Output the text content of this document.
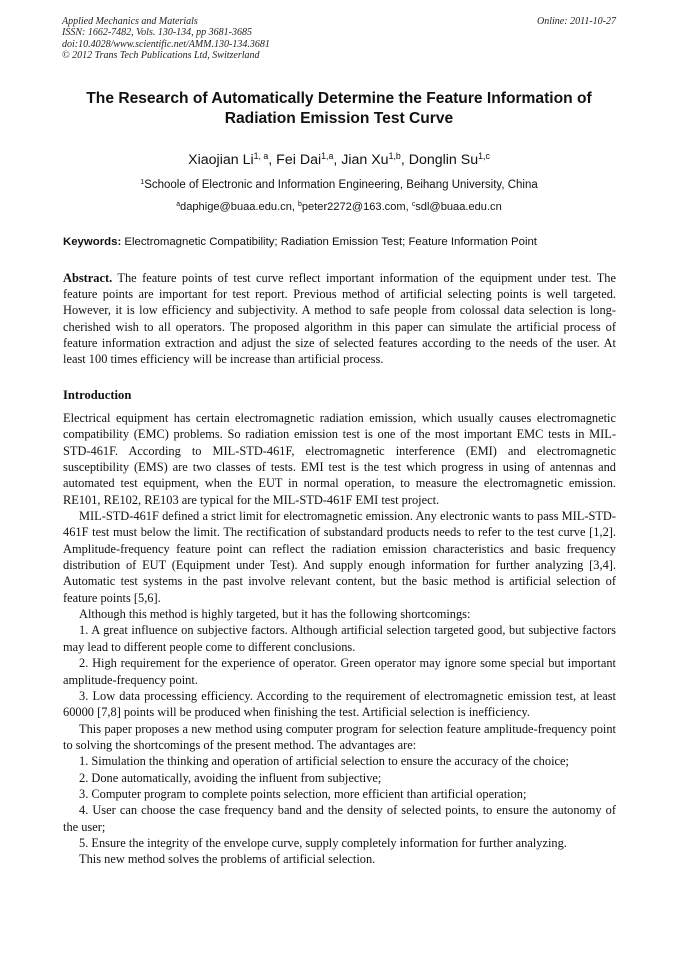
Applied Mechanics and Materials
ISSN: 1662-7482, Vols. 130-134, pp 3681-3685
doi:10.4028/www.scientific.net/AMM.130-134.3681
© 2012 Trans Tech Publications Ltd, Switzerland
Online: 2011-10-27
The Research of Automatically Determine the Feature Information of
Radiation Emission Test Curve
Xiaojian Li$^{1, a}$, Fei Dai$^{1,a}$, Jian Xu$^{1,b}$, Donglin Su$^{1,c}$
$^1$Schoole of Electronic and Information Engineering, Beihang University, China
$^a$daphige@buaa.edu.cn, $^b$peter2272@163.com, $^c$sdl@buaa.edu.cn
Keywords: Electromagnetic Compatibility; Radiation Emission Test; Feature Information Point
Abstract. The feature points of test curve reflect important information of the equipment under test. The feature points are important for test report. Previous method of artificial selecting points is well targeted. However, it is low efficiency and subjectivity. A method to safe people from colossal data selection is long-cherished wish to all operators. The proposed algorithm in this paper can simulate the artificial process of feature information extraction and adjust the size of selected features according to the needs of the user. At least 100 times efficiency will be increase than artificial process.
Introduction

Electrical equipment has certain electromagnetic radiation emission, which usually causes electromagnetic compatibility (EMC) problems. So radiation emission test is one of the most important EMC tests in MIL-STD-461F. According to MIL-STD-461F, electromagnetic interference (EMI) and electromagnetic susceptibility (EMS) are two classes of tests. EMI test is the test which progress in using of antennas and automated test equipment, when the EUT in normal operation, to measure the electromagnetic emission. RE101, RE102, RE103 are typical for the MIL-STD-461F EMI test project.

MIL-STD-461F defined a strict limit for electromagnetic emission. Any electronic wants to pass MIL-STD-461F test must below the limit. The rectification of substandard products needs to refer to the test curve [1,2]. Amplitude-frequency feature point can reflect the radiation emission characteristics and basic frequency distribution of EUT (Equipment under Test). And supply enough information for further analyzing [3,4]. Automatic test systems in the past involve relevant content, but the basic method is artificial selection of feature points [5,6].

Although this method is highly targeted, but it has the following shortcomings:

1. A great influence on subjective factors. Although artificial selection targeted good, but subjective factors may lead to different people come to different conclusions.

2. High requirement for the experience of operator. Green operator may ignore some special but important amplitude-frequency point.

3. Low data processing efficiency. According to the requirement of electromagnetic emission test, at least 60000 [7,8] points will be produced when finishing the test. Artificial selection is inefficiency.

This paper proposes a new method using computer program for selection feature amplitude-frequency point to solving the shortcomings of the present method. The advantages are:

1. Simulation the thinking and operation of artificial selection to ensure the accuracy of the choice;

2. Done automatically, avoiding the influent from subjective;

3. Computer program to complete points selection, more efficient than artificial operation;

4. User can choose the case frequency band and the density of selected points, to ensure the autonomy of the user;

5. Ensure the integrity of the envelope curve, supply completely information for further analyzing.

This new method solves the problems of artificial selection.
